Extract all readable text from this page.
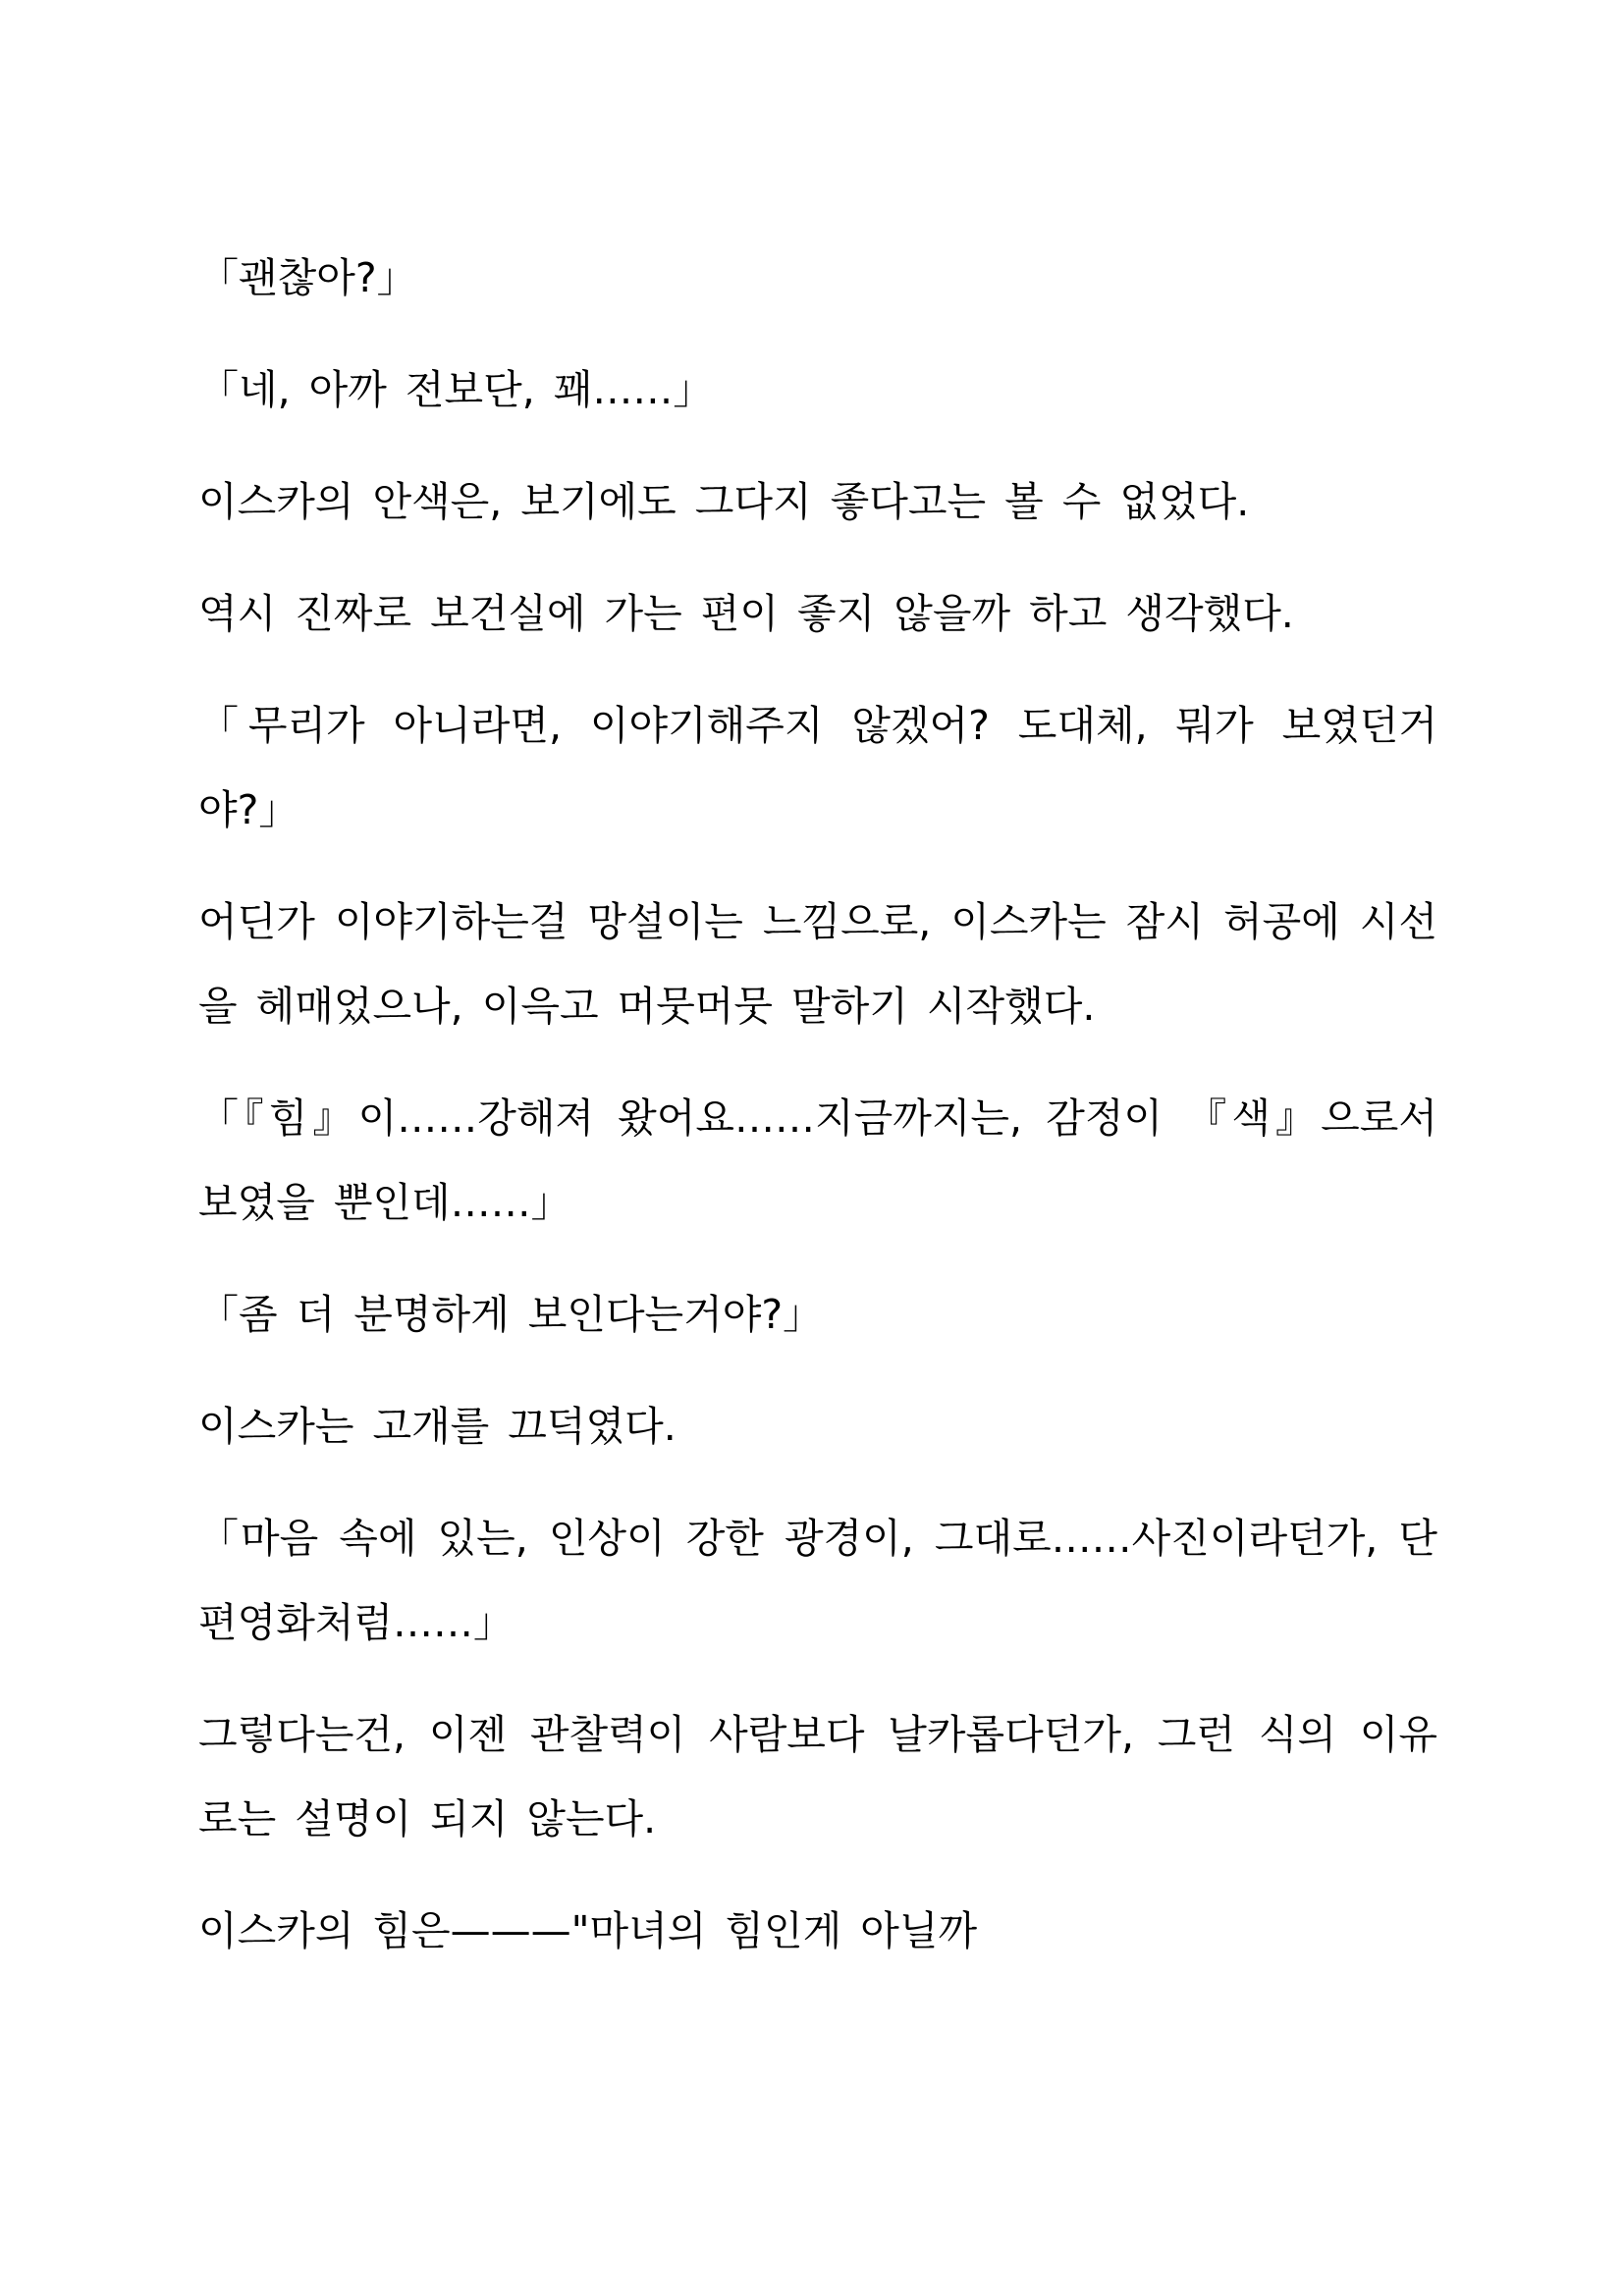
「괜찮아?」

「네, 아까 전보단, 꽤……」

이스카의 안색은, 보기에도 그다지 좋다고는 볼 수 없었다.

역시 진짜로 보건실에 가는 편이 좋지 않을까 하고 생각했다.

「무리가 아니라면, 이야기해주지 않겠어? 도대체, 뭐가 보였던거야?」

어딘가 이야기하는걸 망설이는 느낌으로, 이스카는 잠시 허공에 시선을 헤매었으나, 이윽고 머뭇머뭇 말하기 시작했다.

「『힘』이……강해져 왔어요……지금까지는, 감정이 『색』으로서 보였을 뿐인데……」

「좀 더 분명하게 보인다는거야?」

이스카는 고개를 끄덕였다.

「마음 속에 있는, 인상이 강한 광경이, 그대로……사진이라던가, 단편영화처럼……」

그렇다는건, 이젠 관찰력이 사람보다 날카롭다던가, 그런 식의 이유로는 설명이 되지 않는다.

이스카의 힘은———"마녀의 힘인게 아닐까
